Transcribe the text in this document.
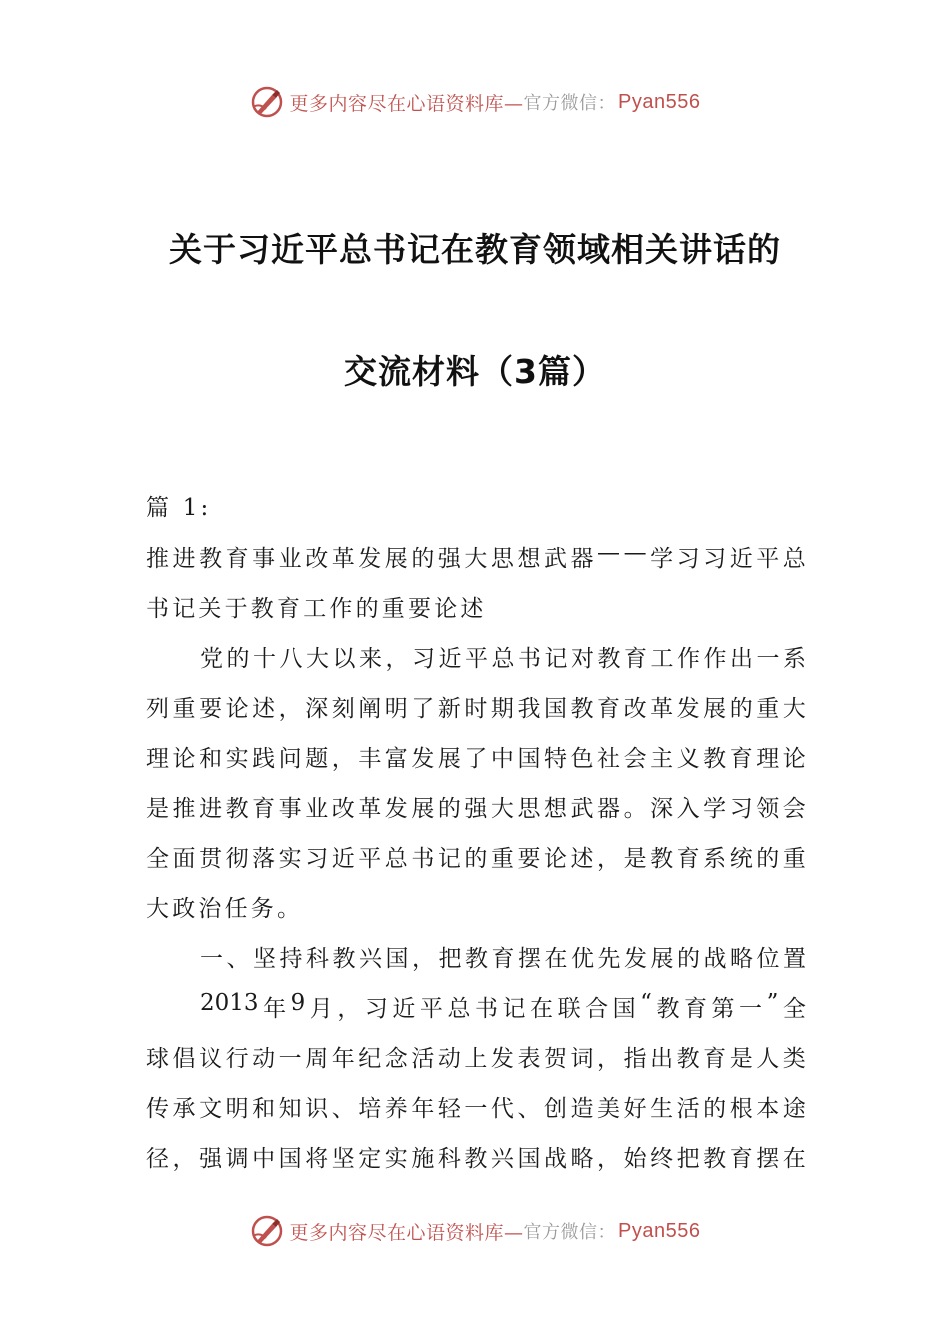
更多内容尽在心语资料库— 官方微信： Pyan556
关于习近平总书记在教育领域相关讲话的
交流材料（3篇）
篇 1:
推 进 教 育 事 业 改 革 发 展 的 强 大 思 想 武 器 — — 学 习 习 近 平 总
书记关于教育工作的重要论述
党 的 十 八 大 以 来 ， 习 近 平 总 书 记 对 教 育 工 作 作 出 一 系
列 重 要 论 述 ， 深 刻 阐 明 了 新 时 期 我 国 教 育 改 革 发 展 的 重 大
理 论 和 实 践 问 题 ， 丰 富 发 展 了 中 国 特 色 社 会 主 义 教 育 理 论
是 推 进 教 育 事 业 改 革 发 展 的 强 大 思 想 武 器 。 深 入 学 习 领 会
全 面 贯 彻 落 实 习 近 平 总 书 记 的 重 要 论 述 ， 是 教 育 系 统 的 重
大政治任务。
一 、 坚 持 科 教 兴 国 ， 把 教 育 摆 在 优 先 发 展 的 战 略 位 置
2013 年 9 月 ， 习 近 平 总 书 记 在 联 合 国 “ 教 育 第 一 ” 全
球 倡 议 行 动 一 周 年 纪 念 活 动 上 发 表 贺 词 ， 指 出 教 育 是 人 类
传 承 文 明 和 知 识 、 培 养 年 轻 一 代 、 创 造 美 好 生 活 的 根 本 途
径 ， 强 调 中 国 将 坚 定 实 施 科 教 兴 国 战 略 ， 始 终 把 教 育 摆 在
更多内容尽在心语资料库— 官方微信： Pyan556
